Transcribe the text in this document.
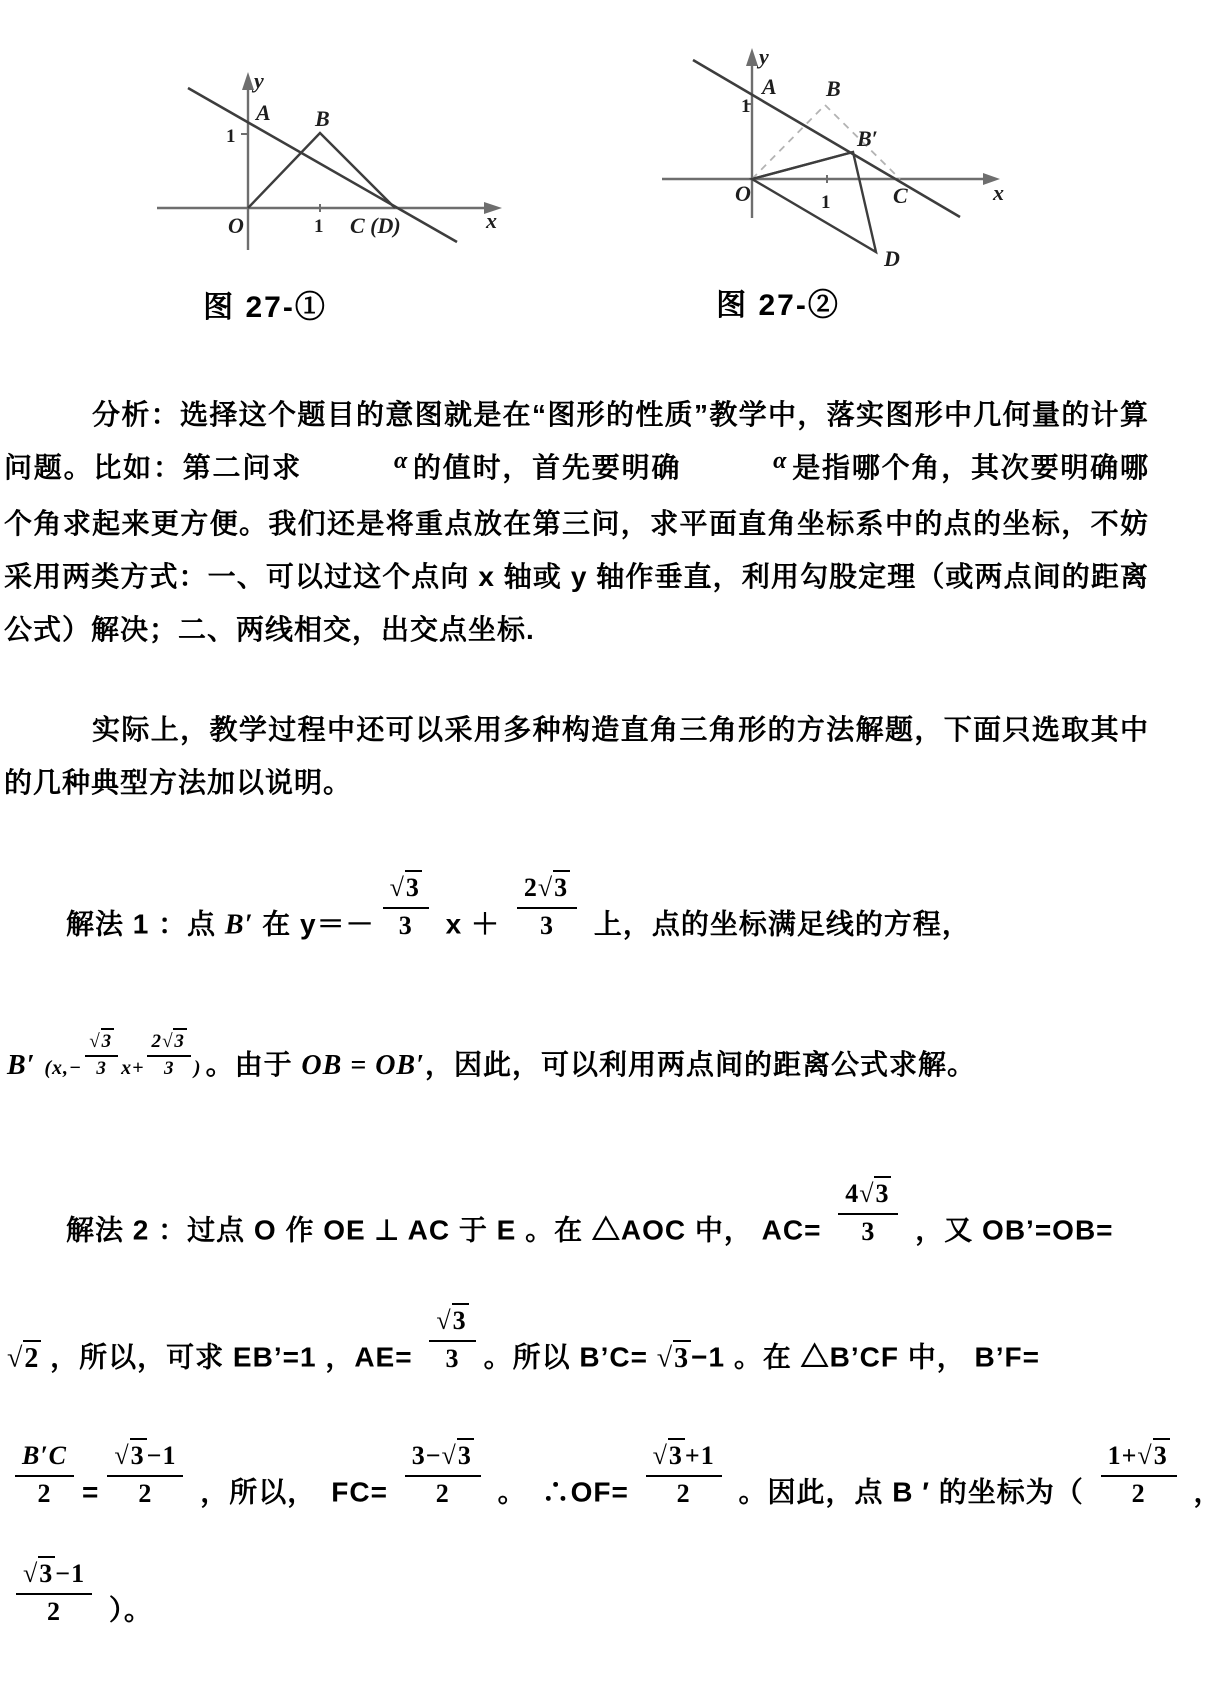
y
x
A B
O	C (D)
1
1
y
x
A B
B′
O	C
D
1
1
图 27-①	图 27-②
分析：选择这个题目的意图就是在“图形的性质”教学中，落实图形中几何量的计算问题。比如：第二问求	α 的值时，首先要明确	α 是指哪个角，其次要明确哪个角求起来更方便。我们还是将重点放在第三问，求平面直角坐标系中的点的坐标，不妨采用两类方式：一、可以过这个点向 x 轴或 y 轴作垂直，利用勾股定理（或两点间的距离公式）解决；二、两线相交，出交点坐标.
实际上，教学过程中还可以采用多种构造直角三角形的方法解题，下面只选取其中的几种典型方法加以说明。
解法 1 ：点 B′ 在 $y=- \frac{√3}{3}$ $x + \frac{2√3}{3}$ 上，点的坐标满足线的方程，
B′ ($x,- \frac{√3}{3} x+ \frac{2√3}{3}$ ) 。由于 OB = OB′，因此，可以利用两点间的距离公式求解。
解法 2 ：过点 O 作 OE ⊥ AC 于 E 。在 △AOC 中， $AC= \frac{4√3}{3}$ ，又 OB’=OB=
√2 ，所以，可求 EB’=1 ，$AE= \frac{√3}{3}$ 。所以 B’C= √3−1 。在 △B’CF 中， B’F=
$\frac{B'C}{2} = \frac{√3-1}{2}$ ，所以，　$FC= \frac{3-√3}{2}$ 。　∴OF= $\frac{√3+1}{2}$ 。因此，点 B ′ 的坐标为（ $\frac{1+√3}{2}$ ，
$\frac{√3-1}{2}$ ）。
